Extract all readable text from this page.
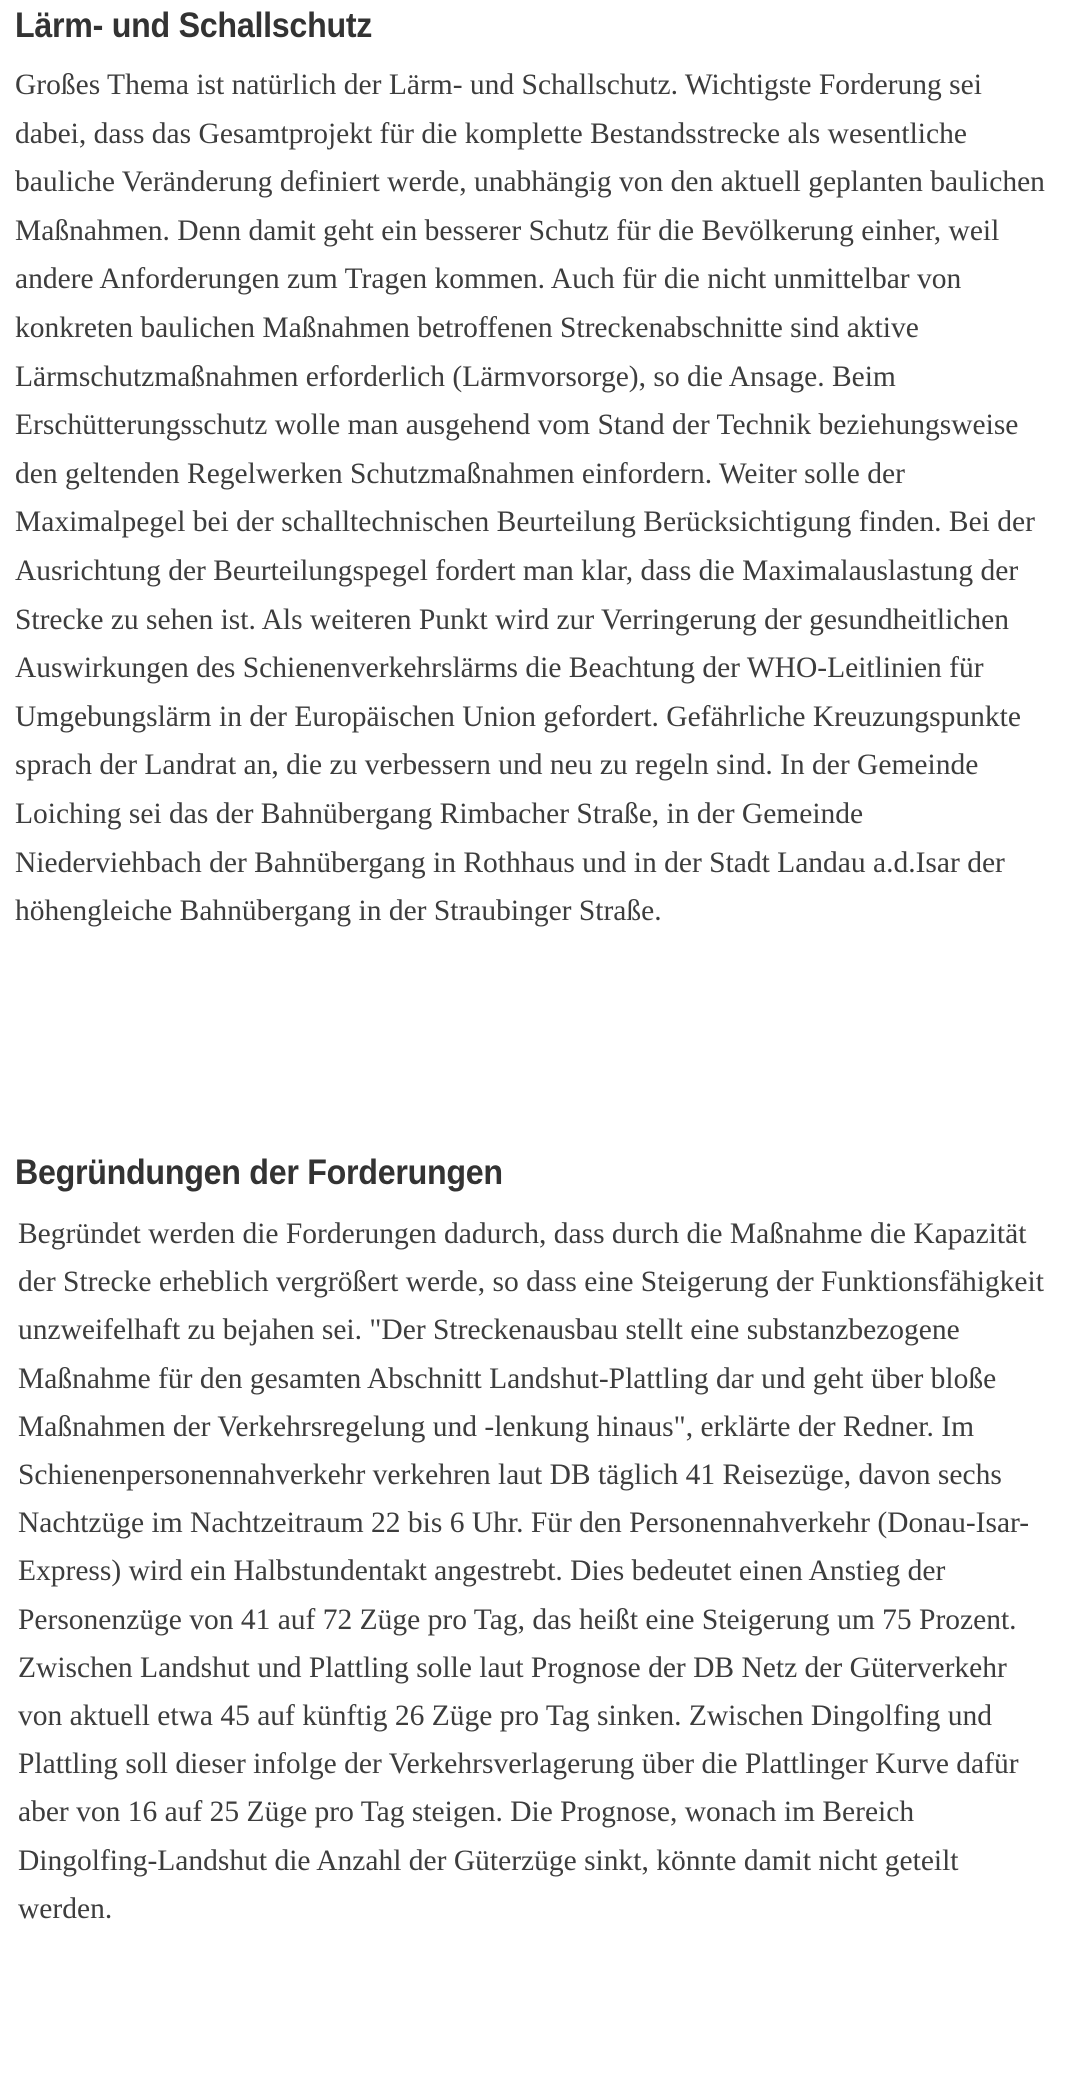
Lärm- und Schallschutz

Großes Thema ist natürlich der Lärm- und Schallschutz. Wichtigste Forderung sei dabei, dass das Gesamtprojekt für die komplette Bestandsstrecke als wesentliche bauliche Veränderung definiert werde, unabhängig von den aktuell geplanten baulichen Maßnahmen. Denn damit geht ein besserer Schutz für die Bevölkerung einher, weil andere Anforderungen zum Tragen kommen. Auch für die nicht unmittelbar von konkreten baulichen Maßnahmen betroffenen Streckenabschnitte sind aktive Lärmschutzmaßnahmen erforderlich (Lärmvorsorge), so die Ansage. Beim Erschütterungsschutz wolle man ausgehend vom Stand der Technik beziehungsweise den geltenden Regelwerken Schutzmaßnahmen einfordern. Weiter solle der Maximalpegel bei der schalltechnischen Beurteilung Berücksichtigung finden. Bei der Ausrichtung der Beurteilungspegel fordert man klar, dass die Maximalauslastung der Strecke zu sehen ist. Als weiteren Punkt wird zur Verringerung der gesundheitlichen Auswirkungen des Schienenverkehrslärms die Beachtung der WHO-Leitlinien für Umgebungslärm in der Europäischen Union gefordert. Gefährliche Kreuzungspunkte sprach der Landrat an, die zu verbessern und neu zu regeln sind. In der Gemeinde Loiching sei das der Bahnübergang Rimbacher Straße, in der Gemeinde Niederviehbach der Bahnübergang in Rothhaus und in der Stadt Landau a.d.Isar der höhengleiche Bahnübergang in der Straubinger Straße.

Begründungen der Forderungen

Begründet werden die Forderungen dadurch, dass durch die Maßnahme die Kapazität der Strecke erheblich vergrößert werde, so dass eine Steigerung der Funktionsfähigkeit unzweifelhaft zu bejahen sei. "Der Streckenausbau stellt eine substanzbezogene Maßnahme für den gesamten Abschnitt Landshut-Plattling dar und geht über bloße Maßnahmen der Verkehrsregelung und -lenkung hinaus", erklärte der Redner. Im Schienenpersonennahverkehr verkehren laut DB täglich 41 Reisezüge, davon sechs Nachtzüge im Nachtzeitraum 22 bis 6 Uhr. Für den Personennahverkehr (Donau-Isar-Express) wird ein Halbstundentakt angestrebt. Dies bedeutet einen Anstieg der Personenzüge von 41 auf 72 Züge pro Tag, das heißt eine Steigerung um 75 Prozent. Zwischen Landshut und Plattling solle laut Prognose der DB Netz der Güterverkehr von aktuell etwa 45 auf künftig 26 Züge pro Tag sinken. Zwischen Dingolfing und Plattling soll dieser infolge der Verkehrsverlagerung über die Plattlinger Kurve dafür aber von 16 auf 25 Züge pro Tag steigen. Die Prognose, wonach im Bereich Dingolfing-Landshut die Anzahl der Güterzüge sinkt, könnte damit nicht geteilt werden.
